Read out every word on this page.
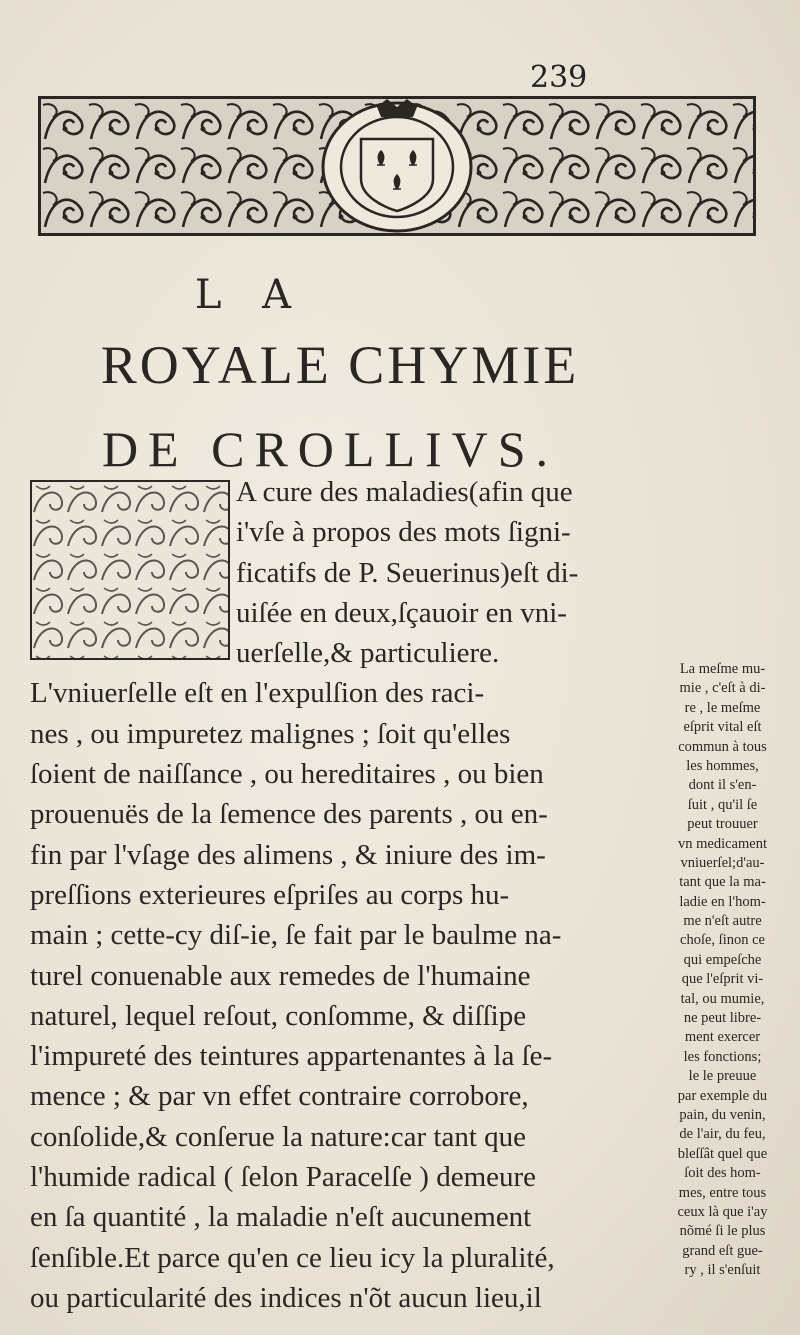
239
L A
ROYALE CHYMIE
DE CROLLIVS.
A cure des maladies(afin que
i'vſe à propos des mots ſigni-
ficatifs de P. Seuerinus)eſt di-
uiſée en deux,ſçauoir en vni-
uerſelle,& particuliere.
L'vniuerſelle eſt en l'expulſion des raci-
nes , ou impuretez malignes ; ſoit qu'elles
ſoient de naiſſance , ou hereditaires , ou bien
prouenuës de la ſemence des parents , ou en-
fin par l'vſage des alimens , & iniure des im-
preſſions exterieures eſpriſes au corps hu-
main ; cette-cy diſ-ie, ſe fait par le baulme na-
turel conuenable aux remedes de l'humaine
naturel, lequel reſout, conſomme, & diſſipe
l'impureté des teintures appartenantes à la ſe-
mence ; & par vn effet contraire corrobore,
conſolide,& conſerue la nature:car tant que
l'humide radical ( ſelon Paracelſe ) demeure
en ſa quantité , la maladie n'eſt aucunement
ſenſible.Et parce qu'en ce lieu icy la pluralité,
ou particularité des indices n'õt aucun lieu,il
La meſme mu-
mie , c'eſt à di-
re , le meſme
eſprit vital eſt
commun à tous
les hommes,
dont il s'en-
ſuit , qu'il ſe
peut trouuer
vn medicament
vniuerſel;d'au-
tant que la ma-
ladie en l'hom-
me n'eſt autre
choſe, ſinon ce
qui empeſche
que l'eſprit vi-
tal, ou mumie,
ne peut libre-
ment exercer
les fonctions;
le le preuue
par exemple du
pain, du venin,
de l'air, du feu,
bleſſât quel que
ſoit des hom-
mes, entre tous
ceux là que i'ay
nõmé ſi le plus
grand eſt gue-
ry , il s'enſuit
